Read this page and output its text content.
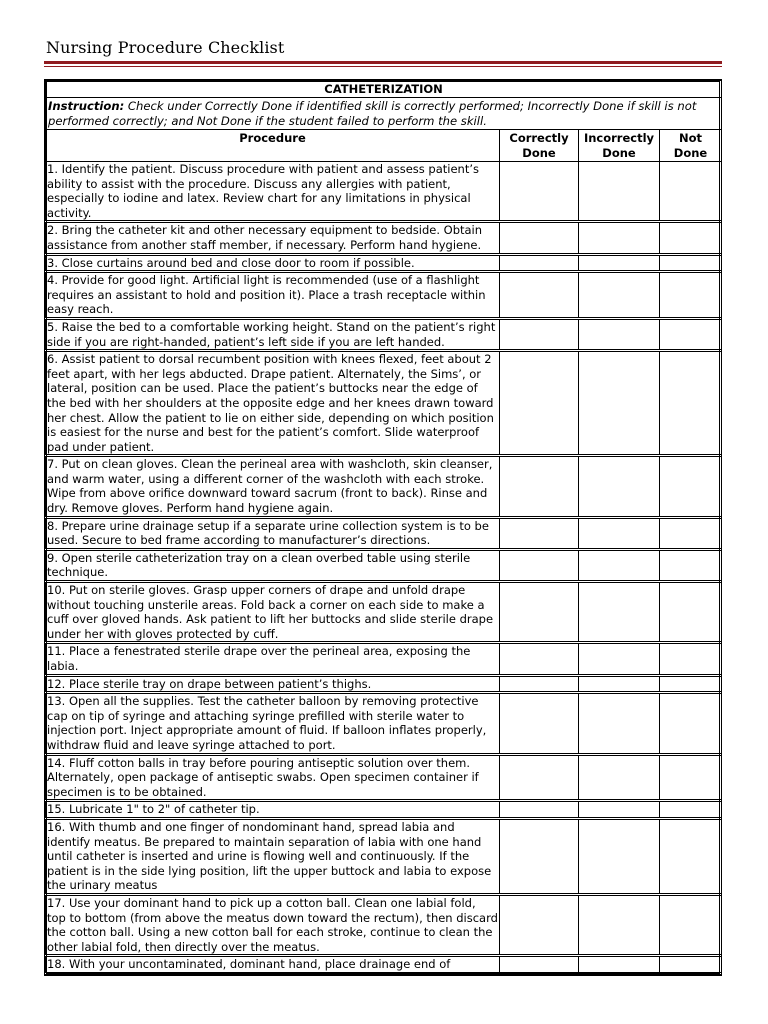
Nursing Procedure Checklist
CATHETERIZATION			
Instruction: Check under Correctly Done if identified skill is correctly performed; Incorrectly Done if skill is not performed correctly; and Not Done if the student failed to perform the skill.			
Procedure	Correctly Done	Incorrectly Done	Not Done
1. Identify the patient. Discuss procedure with patient and assess patient’s ability to assist with the procedure. Discuss any allergies with patient, especially to iodine and latex. Review chart for any limitations in physical activity.			
2. Bring the catheter kit and other necessary equipment to bedside. Obtain assistance from another staff member, if necessary. Perform hand hygiene.			
3. Close curtains around bed and close door to room if possible.			
4. Provide for good light. Artificial light is recommended (use of a flashlight requires an assistant to hold and position it). Place a trash receptacle within easy reach.			
5. Raise the bed to a comfortable working height. Stand on the patient’s right side if you are right-handed, patient’s left side if you are left handed.			
6. Assist patient to dorsal recumbent position with knees flexed, feet about 2 feet apart, with her legs abducted. Drape patient. Alternately, the Sims’, or lateral, position can be used. Place the patient’s buttocks near the edge of the bed with her shoulders at the opposite edge and her knees drawn toward her chest. Allow the patient to lie on either side, depending on which position is easiest for the nurse and best for the patient’s comfort. Slide waterproof pad under patient.			
7. Put on clean gloves. Clean the perineal area with washcloth, skin cleanser, and warm water, using a different corner of the washcloth with each stroke. Wipe from above orifice downward toward sacrum (front to back). Rinse and dry. Remove gloves. Perform hand hygiene again.			
8. Prepare urine drainage setup if a separate urine collection system is to be used. Secure to bed frame according to manufacturer’s directions.			
9. Open sterile catheterization tray on a clean overbed table using sterile technique.			
10. Put on sterile gloves. Grasp upper corners of drape and unfold drape without touching unsterile areas. Fold back a corner on each side to make a cuff over gloved hands. Ask patient to lift her buttocks and slide sterile drape under her with gloves protected by cuff.			
11. Place a fenestrated sterile drape over the perineal area, exposing the labia.			
12. Place sterile tray on drape between patient’s thighs.			
13. Open all the supplies. Test the catheter balloon by removing protective cap on tip of syringe and attaching syringe prefilled with sterile water to injection port. Inject appropriate amount of fluid. If balloon inflates properly, withdraw fluid and leave syringe attached to port.			
14. Fluff cotton balls in tray before pouring antiseptic solution over them. Alternately, open package of antiseptic swabs. Open specimen container if specimen is to be obtained.			
15. Lubricate 1" to 2" of catheter tip.			
16. With thumb and one finger of nondominant hand, spread labia and identify meatus. Be prepared to maintain separation of labia with one hand until catheter is inserted and urine is flowing well and continuously. If the patient is in the side lying position, lift the upper buttock and labia to expose the urinary meatus			
17. Use your dominant hand to pick up a cotton ball. Clean one labial fold, top to bottom (from above the meatus down toward the rectum), then discard the cotton ball. Using a new cotton ball for each stroke, continue to clean the other labial fold, then directly over the meatus.			
18. With your uncontaminated, dominant hand, place drainage end of			
